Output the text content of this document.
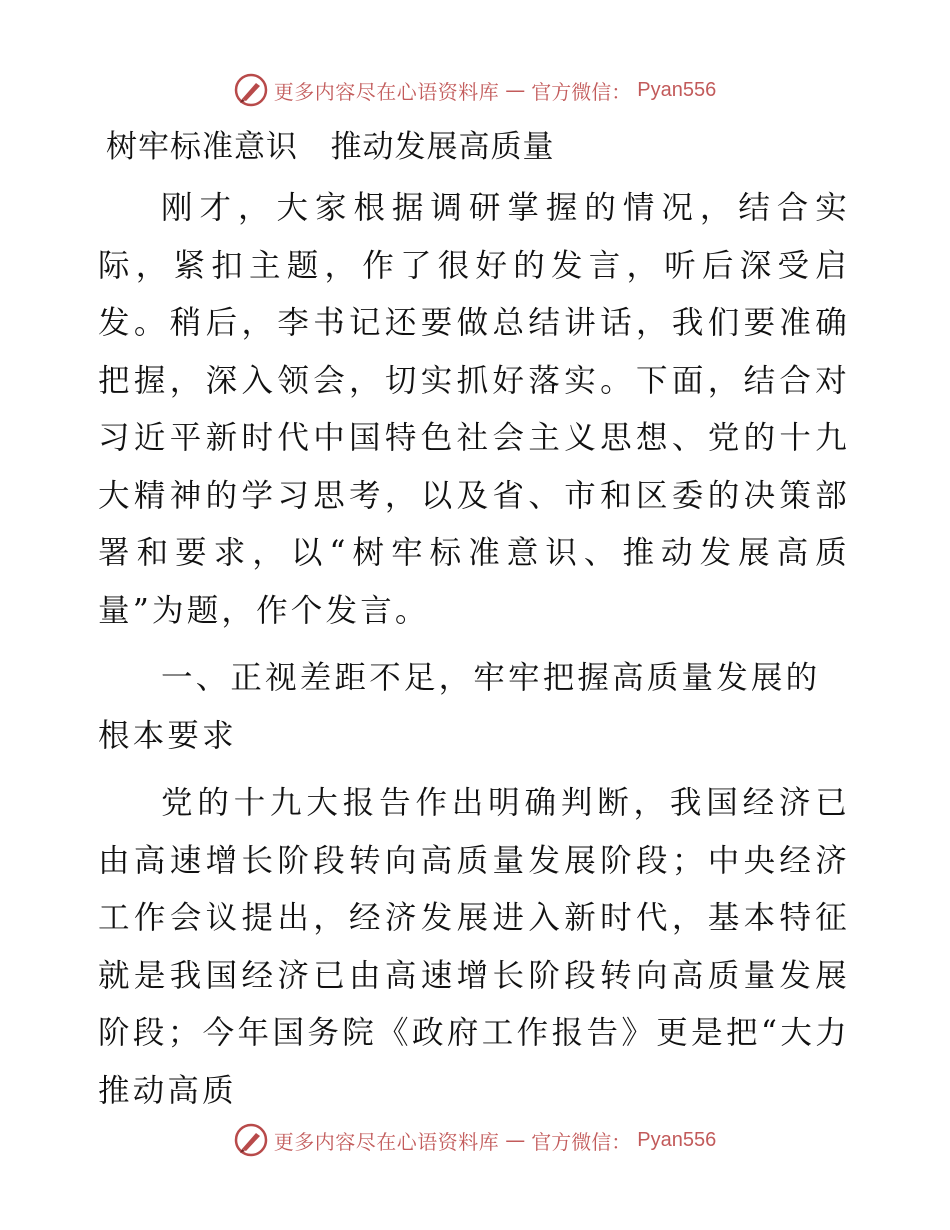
更多内容尽在心语资料库 — 官方微信： Pyan556
树牢标准意识   推动发展高质量

刚才，大家根据调研掌握的情况，结合实际，紧扣主题，作了很好的发言，听后深受启发。稍后，李书记还要做总结讲话，我们要准确把握，深入领会，切实抓好落实。下面，结合对习近平新时代中国特色社会主义思想、党的十九大精神的学习思考，以及省、市和区委的决策部署和要求，以“树牢标准意识、推动发展高质量”为题，作个发言。

一、正视差距不足，牢牢把握高质量发展的根本要求

党的十九大报告作出明确判断，我国经济已由高速增长阶段转向高质量发展阶段；中央经济工作会议提出，经济发展进入新时代，基本特征就是我国经济已由高速增长阶段转向高质量发展阶段；今年国务院《政府工作报告》更是把“大力推动高质

更多内容尽在心语资料库 — 官方微信： Pyan556
